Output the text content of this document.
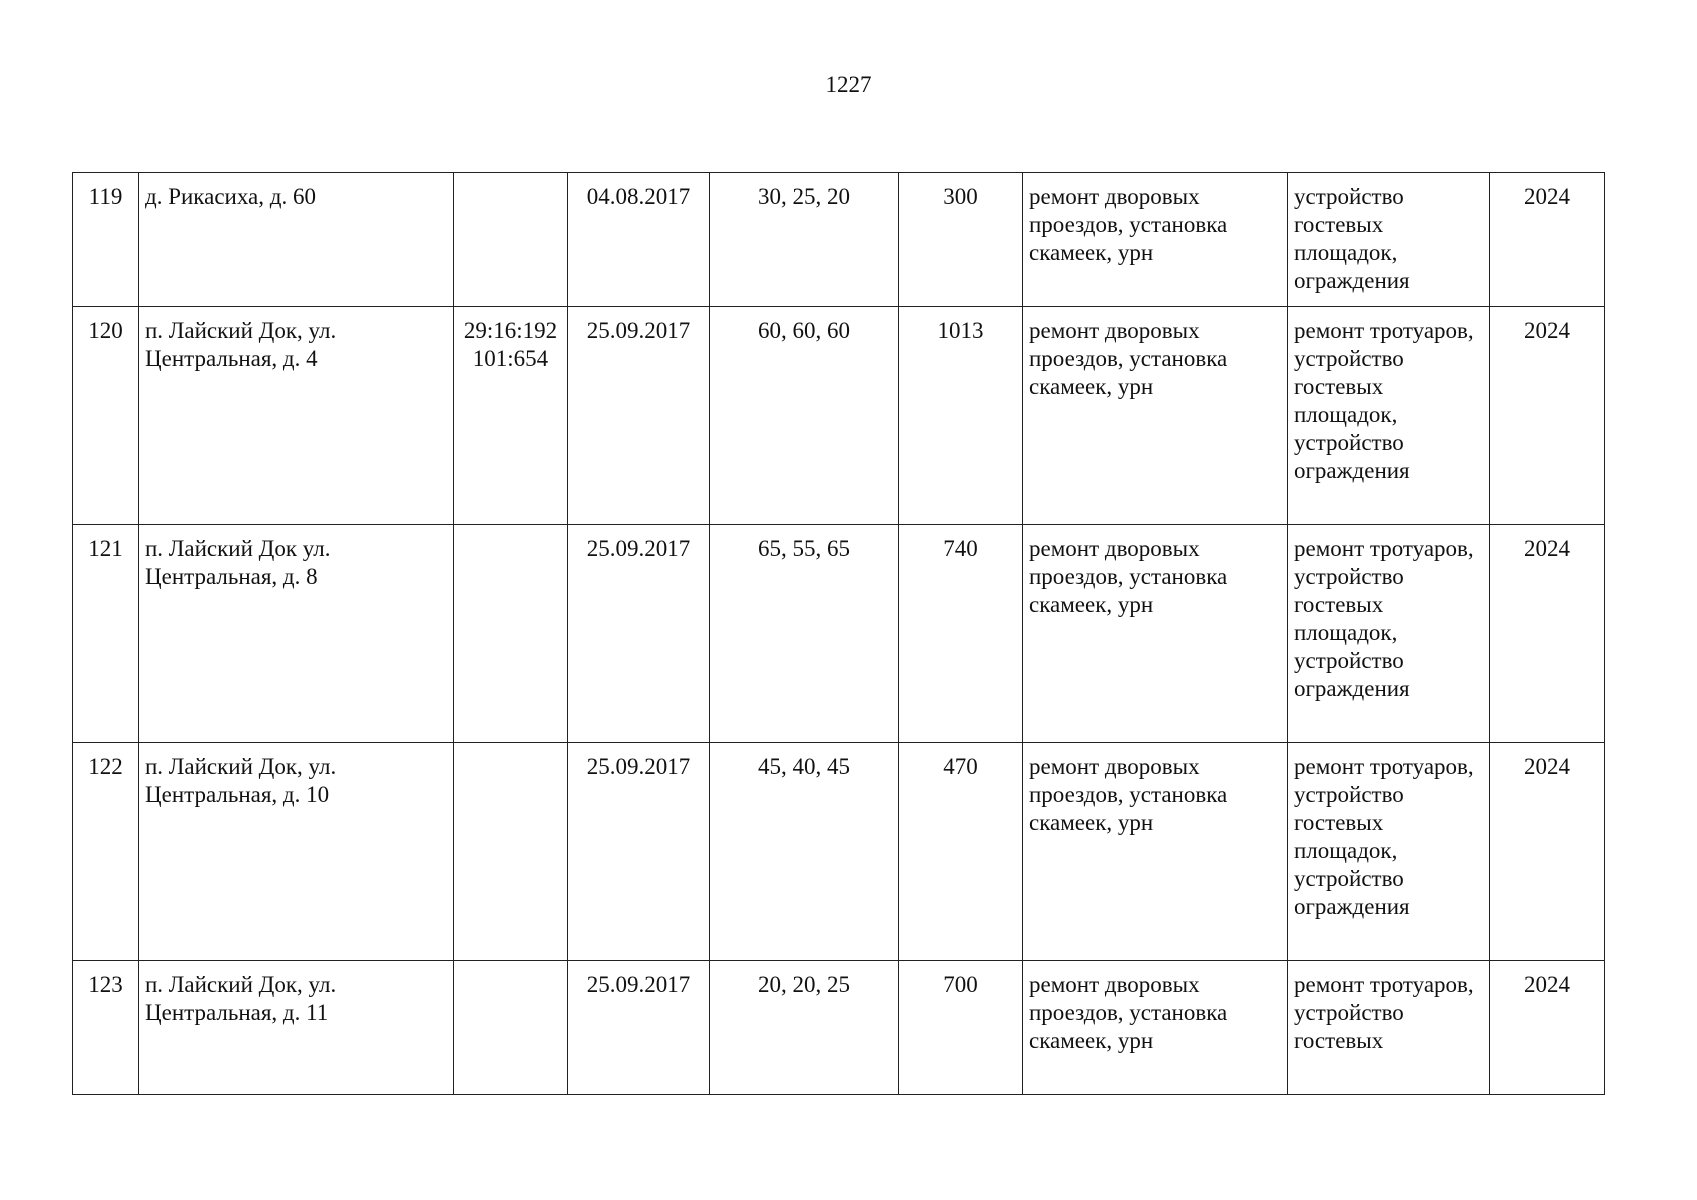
1227
119	д. Рикасиха, д. 60		04.08.2017	30, 25, 20	300	ремонт дворовых проездов, установка скамеек, урн	устройство гостевых площадок, ограждения	2024
120	п. Лайский Док, ул. Центральная, д. 4	29:16:192 101:654	25.09.2017	60, 60, 60	1013	ремонт дворовых проездов, установка скамеек, урн	ремонт тротуаров, устройство гостевых площадок, устройство ограждения	2024
121	п. Лайский Док ул. Центральная, д. 8		25.09.2017	65, 55, 65	740	ремонт дворовых проездов, установка скамеек, урн	ремонт тротуаров, устройство гостевых площадок, устройство ограждения	2024
122	п. Лайский Док, ул. Центральная, д. 10		25.09.2017	45, 40, 45	470	ремонт дворовых проездов, установка скамеек, урн	ремонт тротуаров, устройство гостевых площадок, устройство ограждения	2024
123	п. Лайский Док, ул. Центральная, д. 11		25.09.2017	20, 20, 25	700	ремонт дворовых проездов, установка скамеек, урн	ремонт тротуаров, устройство гостевых	2024
